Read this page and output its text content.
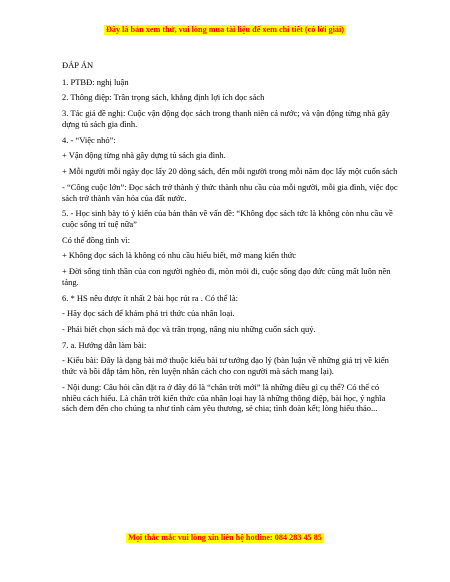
Đây là bản xem thử, vui lòng mua tài liệu để xem chi tiết (có lời giải)

ĐÁP ÁN

1. PTBĐ: nghị luận

2. Thông điệp: Trân trọng sách, khẳng định lợi ích đọc sách

3. Tác giả đề nghị: Cuộc vận động đọc sách trong thanh niên cả nước; và vận động từng nhà gây dựng tủ sách gia đình.

4. - “Việc nhỏ”:

+ Vận động từng nhà gây dựng tủ sách gia đình.

+ Mỗi người mỗi ngày đọc lấy 20 dòng sách, đến mỗi người trong mỗi năm đọc lấy một cuốn sách

- “Công cuộc lớn”: Đọc sách trở thành ý thức thành nhu cầu của mỗi người, mỗi gia đình, việc đọc sách trở thành văn hóa của đất nước.

5. - Học sinh bày tỏ ý kiến của bản thân về vấn đề: “Không đọc sách tức là không còn nhu cầu về cuộc sống trí tuệ nữa”

Có thể đồng tình vì:

+ Không đọc sách là không có nhu cầu hiểu biết, mở mang kiến thức

+ Đời sống tinh thần của con người nghèo đi, mòn mỏi đi, cuộc sống đạo đức cũng mất luôn nền tảng.

6. * HS nêu được ít nhất 2 bài học rút ra . Có thể là:

- Hãy đọc sách để khám phá tri thức của nhân loại.

- Phải biết chọn sách mà đọc và trân trọng, nâng niu những cuốn sách quý.

7. a. Hướng dẫn làm bài:

- Kiểu bài: Đây là dạng bài mở thuộc kiểu bài tư tưởng đạo lý (bàn luận về những giá trị về kiến thức và bồi đắp tâm hồn, rèn luyện nhân cách cho con người mà sách mang lại).

- Nội dung: Câu hỏi cần đặt ra ở đây đó là “chân trời mới” là những điều gì cụ thể? Có thể có nhiều cách hiểu. Là chân trời kiến thức của nhân loại hay là những thông điệp, bài học, ý nghĩa sách đem đến cho chúng ta như tình cảm yêu thương, sẻ chia; tình đoàn kết; lòng hiếu thảo...

Mọi thắc mắc vui lòng xin liên hệ hotline: 084 283 45 85
